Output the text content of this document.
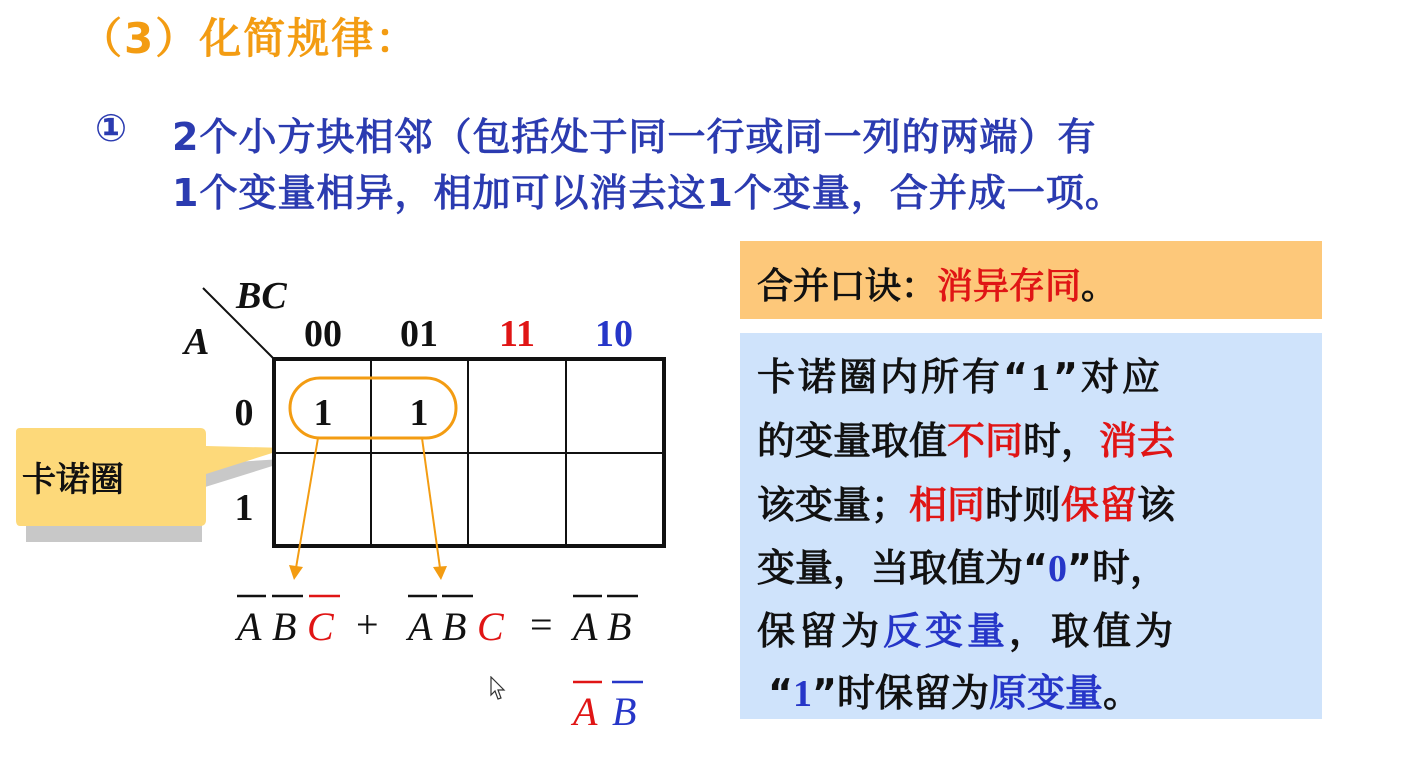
（3）化简规律：
① 2个小方块相邻（包括处于同一行或同一列的两端）有
1个变量相异，相加可以消去这1个变量，合并成一项。
BC
A 00 01 11 10
0
1
1 1
A B C + A B C = A B
A B
卡诺圈
合并口诀：消异存同。
卡诺圈内所有“1”对应
的变量取值不同时，消去
该变量；相同时则保留该
变量，当取值为“0”时，
保留为反变量，取值为
“1”时保留为原变量。
